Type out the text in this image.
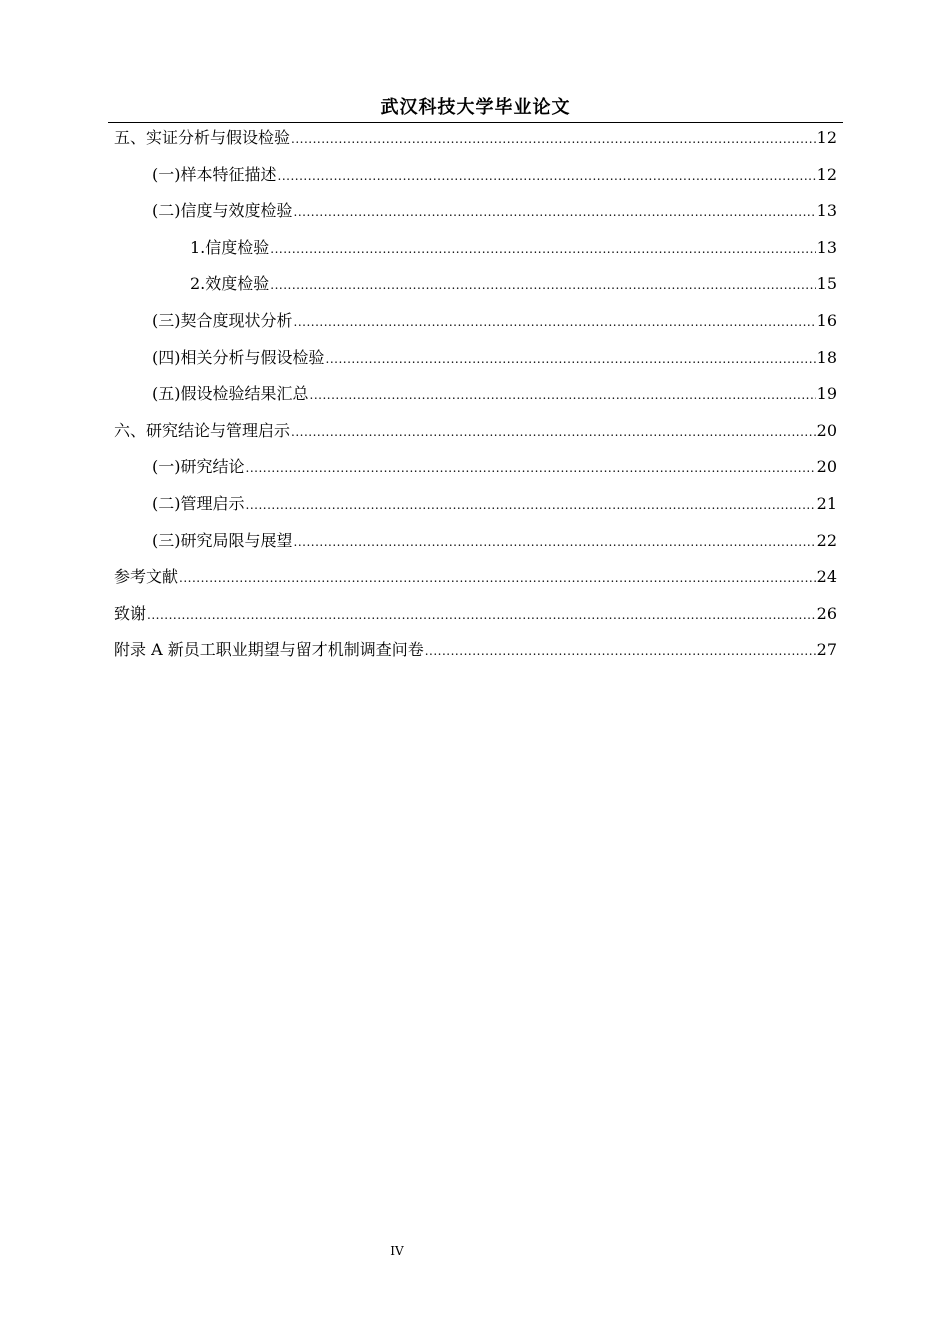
武汉科技大学毕业论文
五、实证分析与假设检验 .....	12
(一)样本特征描述 .....	12
(二)信度与效度检验 .....	13
1.信度检验 .....	13
2.效度检验 .....	15
(三)契合度现状分析 .....	16
(四)相关分析与假设检验 .....	18
(五)假设检验结果汇总 .....	19
六、研究结论与管理启示 .....	20
(一)研究结论 .....	20
(二)管理启示 .....	21
(三)研究局限与展望 .....	22
参考文献 .....	24
致谢 .....	26
附录 A 新员工职业期望与留才机制调查问卷 .....	27
IV
